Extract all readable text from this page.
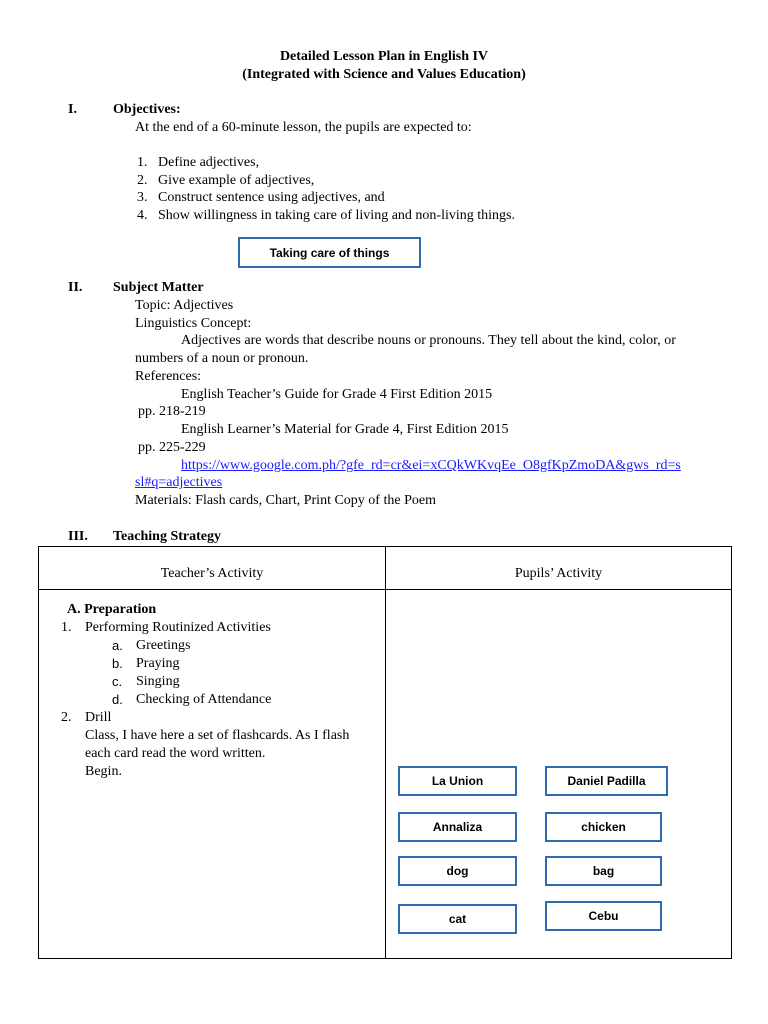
Detailed Lesson Plan in English IV
(Integrated with Science and Values Education)
I.	Objectives:
At the end of a 60-minute lesson, the pupils are expected to:
1. Define adjectives,
2. Give example of adjectives,
3. Construct sentence using adjectives, and
4. Show willingness in taking care of living and non-living things.
Taking care of things
II. Subject Matter
Topic: Adjectives
Linguistics Concept:
Adjectives are words that describe nouns or pronouns. They tell about the kind, color, or
numbers of a noun or pronoun.
References:
English Teacher’s Guide for Grade 4 First Edition 2015
pp. 218-219
English Learner’s Material for Grade 4, First Edition 2015
pp. 225-229
https://www.google.com.ph/?gfe_rd=cr&ei=xCQkWKvqEe_O8gfKpZmoDA&gws_rd=s
sl#q=adjectives
Materials: Flash cards, Chart, Print Copy of the Poem
III. Teaching Strategy
Teacher’s Activity	Pupils’ Activity
A. Preparation
1. Performing Routinized Activities
a. Greetings
b. Praying
c. Singing
d. Checking of Attendance
2. Drill
Class, I have here a set of flashcards. As I flash
each card read the word written.
Begin.
La Union	Daniel Padilla
Annaliza	chicken
dog	bag
cat	Cebu
